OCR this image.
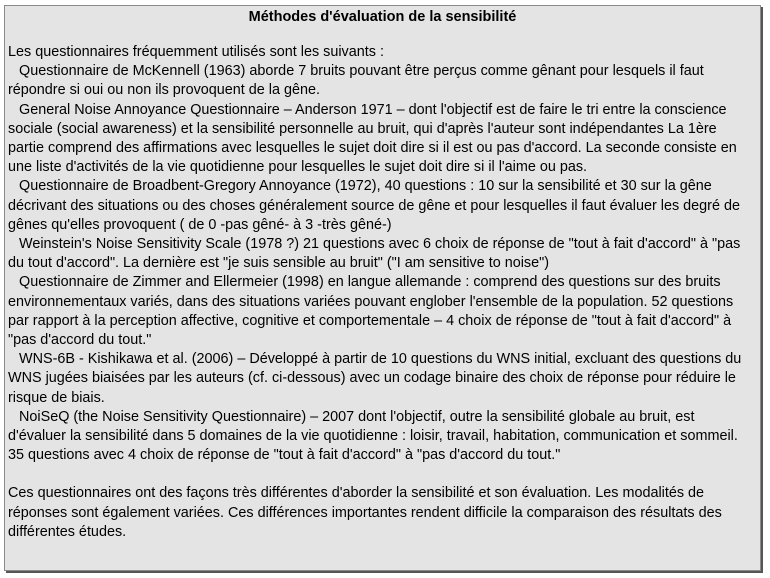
Méthodes d'évaluation de la sensibilité

Les questionnaires fréquemment utilisés sont les suivants :

Questionnaire de McKennell (1963) aborde 7 bruits pouvant être perçus comme gênant pour lesquels il faut répondre si oui ou non ils provoquent de la gêne.

General Noise Annoyance Questionnaire – Anderson 1971 – dont l'objectif est de faire le tri entre la conscience sociale (social awareness) et la sensibilité personnelle au bruit, qui d'après l'auteur sont indépendantes La 1ère partie comprend des affirmations avec lesquelles le sujet doit dire si il est ou pas d'accord. La seconde consiste en une liste d'activités de la vie quotidienne pour lesquelles le sujet doit dire si il l'aime ou pas.

Questionnaire de Broadbent-Gregory Annoyance (1972), 40 questions : 10 sur la sensibilité et 30 sur la gêne décrivant des situations ou des choses généralement source de gêne et pour lesquelles il faut évaluer les degré de gênes qu'elles provoquent ( de 0 -pas gêné- à 3 -très gêné-)

Weinstein's Noise Sensitivity Scale (1978 ?) 21 questions avec 6 choix de réponse de "tout à fait d'accord" à "pas du tout d'accord". La dernière est "je suis sensible au bruit" ("I am sensitive to noise")

Questionnaire de Zimmer and Ellermeier (1998) en langue allemande : comprend des questions sur des bruits environnementaux variés, dans des situations variées pouvant englober l'ensemble de la population. 52 questions par rapport à la perception affective, cognitive et comportementale – 4 choix de réponse de "tout à fait d'accord" à "pas d'accord du tout."

WNS-6B - Kishikawa et al. (2006) – Développé à partir de 10 questions du WNS initial, excluant des questions du WNS jugées biaisées par les auteurs (cf. ci-dessous) avec un codage binaire des choix de réponse pour réduire le risque de biais.

NoiSeQ (the Noise Sensitivity Questionnaire) – 2007 dont l'objectif, outre la sensibilité globale au bruit, est d'évaluer la sensibilité dans 5 domaines de la vie quotidienne : loisir, travail, habitation, communication et sommeil. 35 questions avec 4 choix de réponse de "tout à fait d'accord" à "pas d'accord du tout."

Ces questionnaires ont des façons très différentes d'aborder la sensibilité et son évaluation. Les modalités de réponses sont également variées. Ces différences importantes rendent difficile la comparaison des résultats des différentes études.
